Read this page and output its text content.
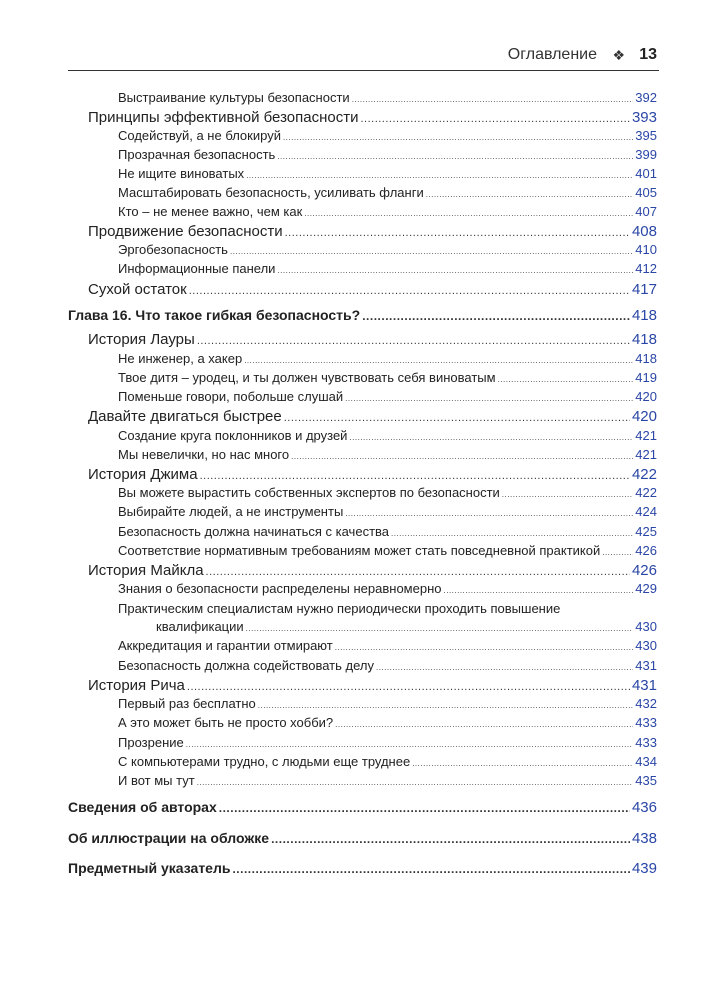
Оглавление ❖ 13
Выстраивание культуры безопасности .....	392
Принципы эффективной безопасности .....	393
Содействуй, а не блокируй .....	395
Прозрачная безопасность .....	399
Не ищите виноватых .....	401
Масштабировать безопасность, усиливать фланги .....	405
Кто – не менее важно, чем как .....	407
Продвижение безопасности .....	408
Эргобезопасность .....	410
Информационные панели .....	412
Сухой остаток .....	417
Глава 16. Что такое гибкая безопасность? .....	418
История Лауры .....	418
Не инженер, а хакер .....	418
Твое дитя – уродец, и ты должен чувствовать себя виноватым .....	419
Поменьше говори, побольше слушай .....	420
Давайте двигаться быстрее .....	420
Создание круга поклонников и друзей .....	421
Мы невелички, но нас много .....	421
История Джима .....	422
Вы можете вырастить собственных экспертов по безопасности .....	422
Выбирайте людей, а не инструменты .....	424
Безопасность должна начинаться с качества .....	425
Соответствие нормативным требованиям может стать повседневной практикой .....	426
История Майкла .....	426
Знания о безопасности распределены неравномерно .....	429
Практическим специалистам нужно периодически проходить повышение
квалификации .....	430
Аккредитация и гарантии отмирают .....	430
Безопасность должна содействовать делу .....	431
История Рича .....	431
Первый раз бесплатно .....	432
А это может быть не просто хобби? .....	433
Прозрение .....	433
С компьютерами трудно, с людьми еще труднее .....	434
И вот мы тут .....	435
Сведения об авторах .....	436
Об иллюстрации на обложке .....	438
Предметный указатель .....	439
